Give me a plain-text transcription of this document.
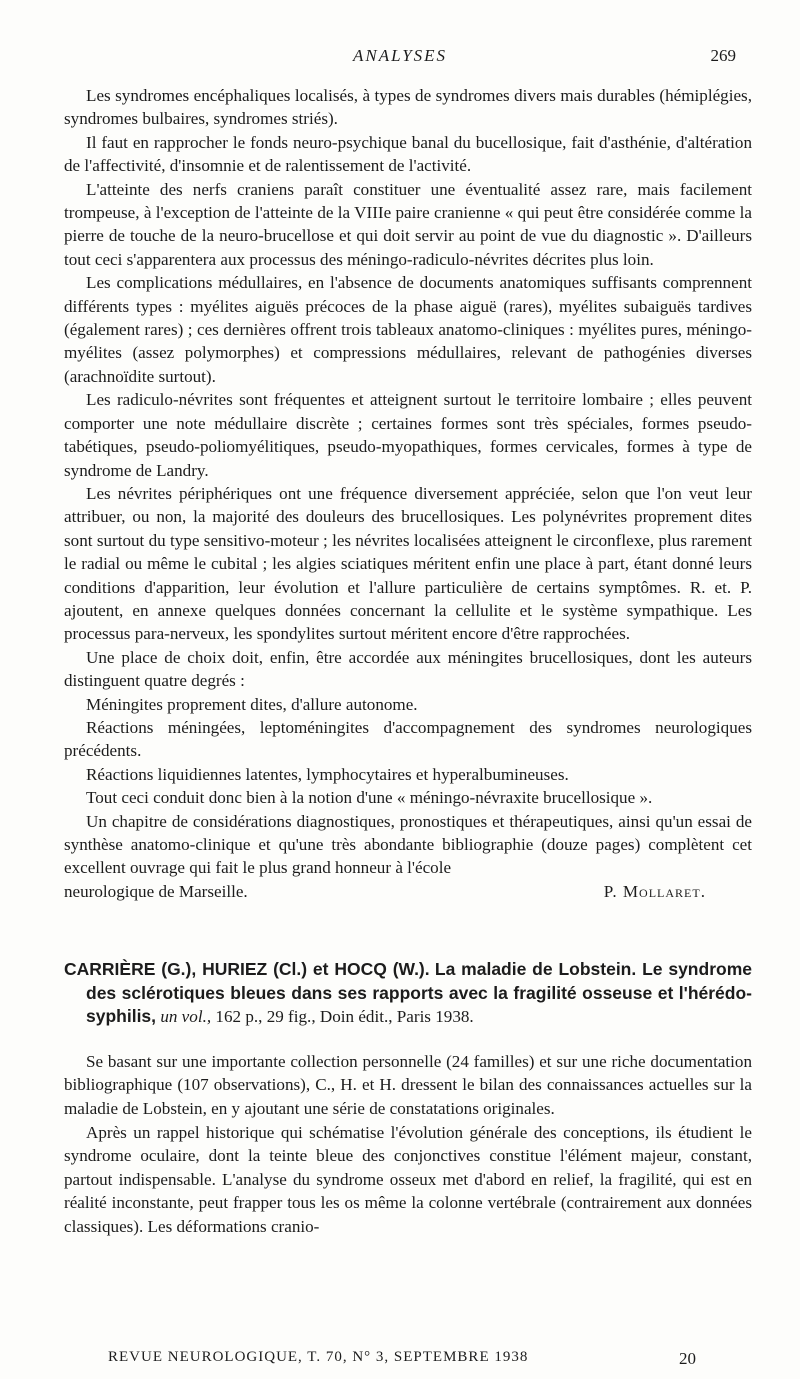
ANALYSES	269

Les syndromes encéphaliques localisés, à types de syndromes divers mais durables (hémiplégies, syndromes bulbaires, syndromes striés).

Il faut en rapprocher le fonds neuro-psychique banal du bucellosique, fait d'asthénie, d'altération de l'affectivité, d'insomnie et de ralentissement de l'activité.

L'atteinte des nerfs craniens paraît constituer une éventualité assez rare, mais facilement trompeuse, à l'exception de l'atteinte de la VIIIe paire cranienne « qui peut être considérée comme la pierre de touche de la neuro-brucellose et qui doit servir au point de vue du diagnostic ». D'ailleurs tout ceci s'apparentera aux processus des méningo-radiculo-névrites décrites plus loin.

Les complications médullaires, en l'absence de documents anatomiques suffisants comprennent différents types : myélites aiguës précoces de la phase aiguë (rares), myélites subaiguës tardives (également rares) ; ces dernières offrent trois tableaux anatomo-cliniques : myélites pures, méningo-myélites (assez polymorphes) et compressions médullaires, relevant de pathogénies diverses (arachnoïdite surtout).

Les radiculo-névrites sont fréquentes et atteignent surtout le territoire lombaire ; elles peuvent comporter une note médullaire discrète ; certaines formes sont très spéciales, formes pseudo-tabétiques, pseudo-poliomyélitiques, pseudo-myopathiques, formes cervicales, formes à type de syndrome de Landry.

Les névrites périphériques ont une fréquence diversement appréciée, selon que l'on veut leur attribuer, ou non, la majorité des douleurs des brucellosiques. Les polynévrites proprement dites sont surtout du type sensitivo-moteur ; les névrites localisées atteignent le circonflexe, plus rarement le radial ou même le cubital ; les algies sciatiques méritent enfin une place à part, étant donné leurs conditions d'apparition, leur évolution et l'allure particulière de certains symptômes. R. et. P. ajoutent, en annexe quelques données concernant la cellulite et le système sympathique. Les processus para-nerveux, les spondylites surtout méritent encore d'être rapprochées.

Une place de choix doit, enfin, être accordée aux méningites brucellosiques, dont les auteurs distinguent quatre degrés :

Méningites proprement dites, d'allure autonome.

Réactions méningées, leptoméningites d'accompagnement des syndromes neurologiques précédents.

Réactions liquidiennes latentes, lymphocytaires et hyperalbumineuses.

Tout ceci conduit donc bien à la notion d'une « méningo-névraxite brucellosique ».

Un chapitre de considérations diagnostiques, pronostiques et thérapeutiques, ainsi qu'un essai de synthèse anatomo-clinique et qu'une très abondante bibliographie (douze pages) complètent cet excellent ouvrage qui fait le plus grand honneur à l'école

neurologique de Marseille.	P. Mollaret.

CARRIÈRE (G.), HURIEZ (Cl.) et HOCQ (W.). La maladie de Lobstein. Le syndrome des sclérotiques bleues dans ses rapports avec la fragilité osseuse et l'hérédo-syphilis, un vol., 162 p., 29 fig., Doin édit., Paris 1938.

Se basant sur une importante collection personnelle (24 familles) et sur une riche documentation bibliographique (107 observations), C., H. et H. dressent le bilan des connaissances actuelles sur la maladie de Lobstein, en y ajoutant une série de constatations originales.

Après un rappel historique qui schématise l'évolution générale des conceptions, ils étudient le syndrome oculaire, dont la teinte bleue des conjonctives constitue l'élément majeur, constant, partout indispensable. L'analyse du syndrome osseux met d'abord en relief, la fragilité, qui est en réalité inconstante, peut frapper tous les os même la colonne vertébrale (contrairement aux données classiques). Les déformations cranio-

REVUE NEUROLOGIQUE, T. 70, N° 3, SEPTEMBRE 1938	20
